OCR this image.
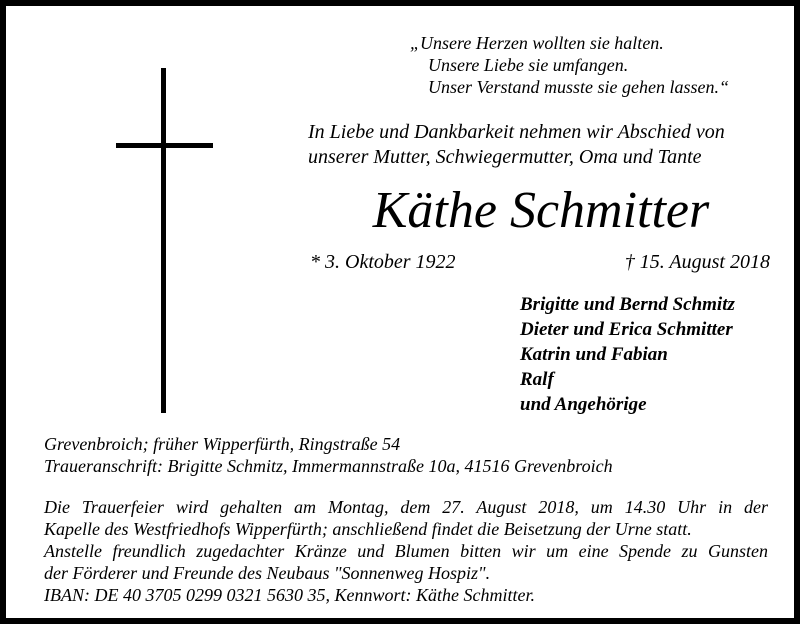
„Unsere Herzen wollten sie halten.
Unsere Liebe sie umfangen.
Unser Verstand musste sie gehen lassen.“
In Liebe und Dankbarkeit nehmen wir Abschied von
unserer Mutter, Schwiegermutter, Oma und Tante
Käthe Schmitter
* 3. Oktober 1922	† 15. August 2018
Brigitte und Bernd Schmitz
Dieter und Erica Schmitter
Katrin und Fabian
Ralf
und Angehörige
Grevenbroich; früher Wipperfürth, Ringstraße 54
Traueranschrift: Brigitte Schmitz, Immermannstraße 10a, 41516 Grevenbroich
Die Trauerfeier wird gehalten am Montag, dem 27. August 2018, um 14.30 Uhr in der
Kapelle des Westfriedhofs Wipperfürth; anschließend findet die Beisetzung der Urne statt.
Anstelle freundlich zugedachter Kränze und Blumen bitten wir um eine Spende zu Gunsten
der Förderer und Freunde des Neubaus "Sonnenweg Hospiz".
IBAN: DE 40 3705 0299 0321 5630 35, Kennwort: Käthe Schmitter.
